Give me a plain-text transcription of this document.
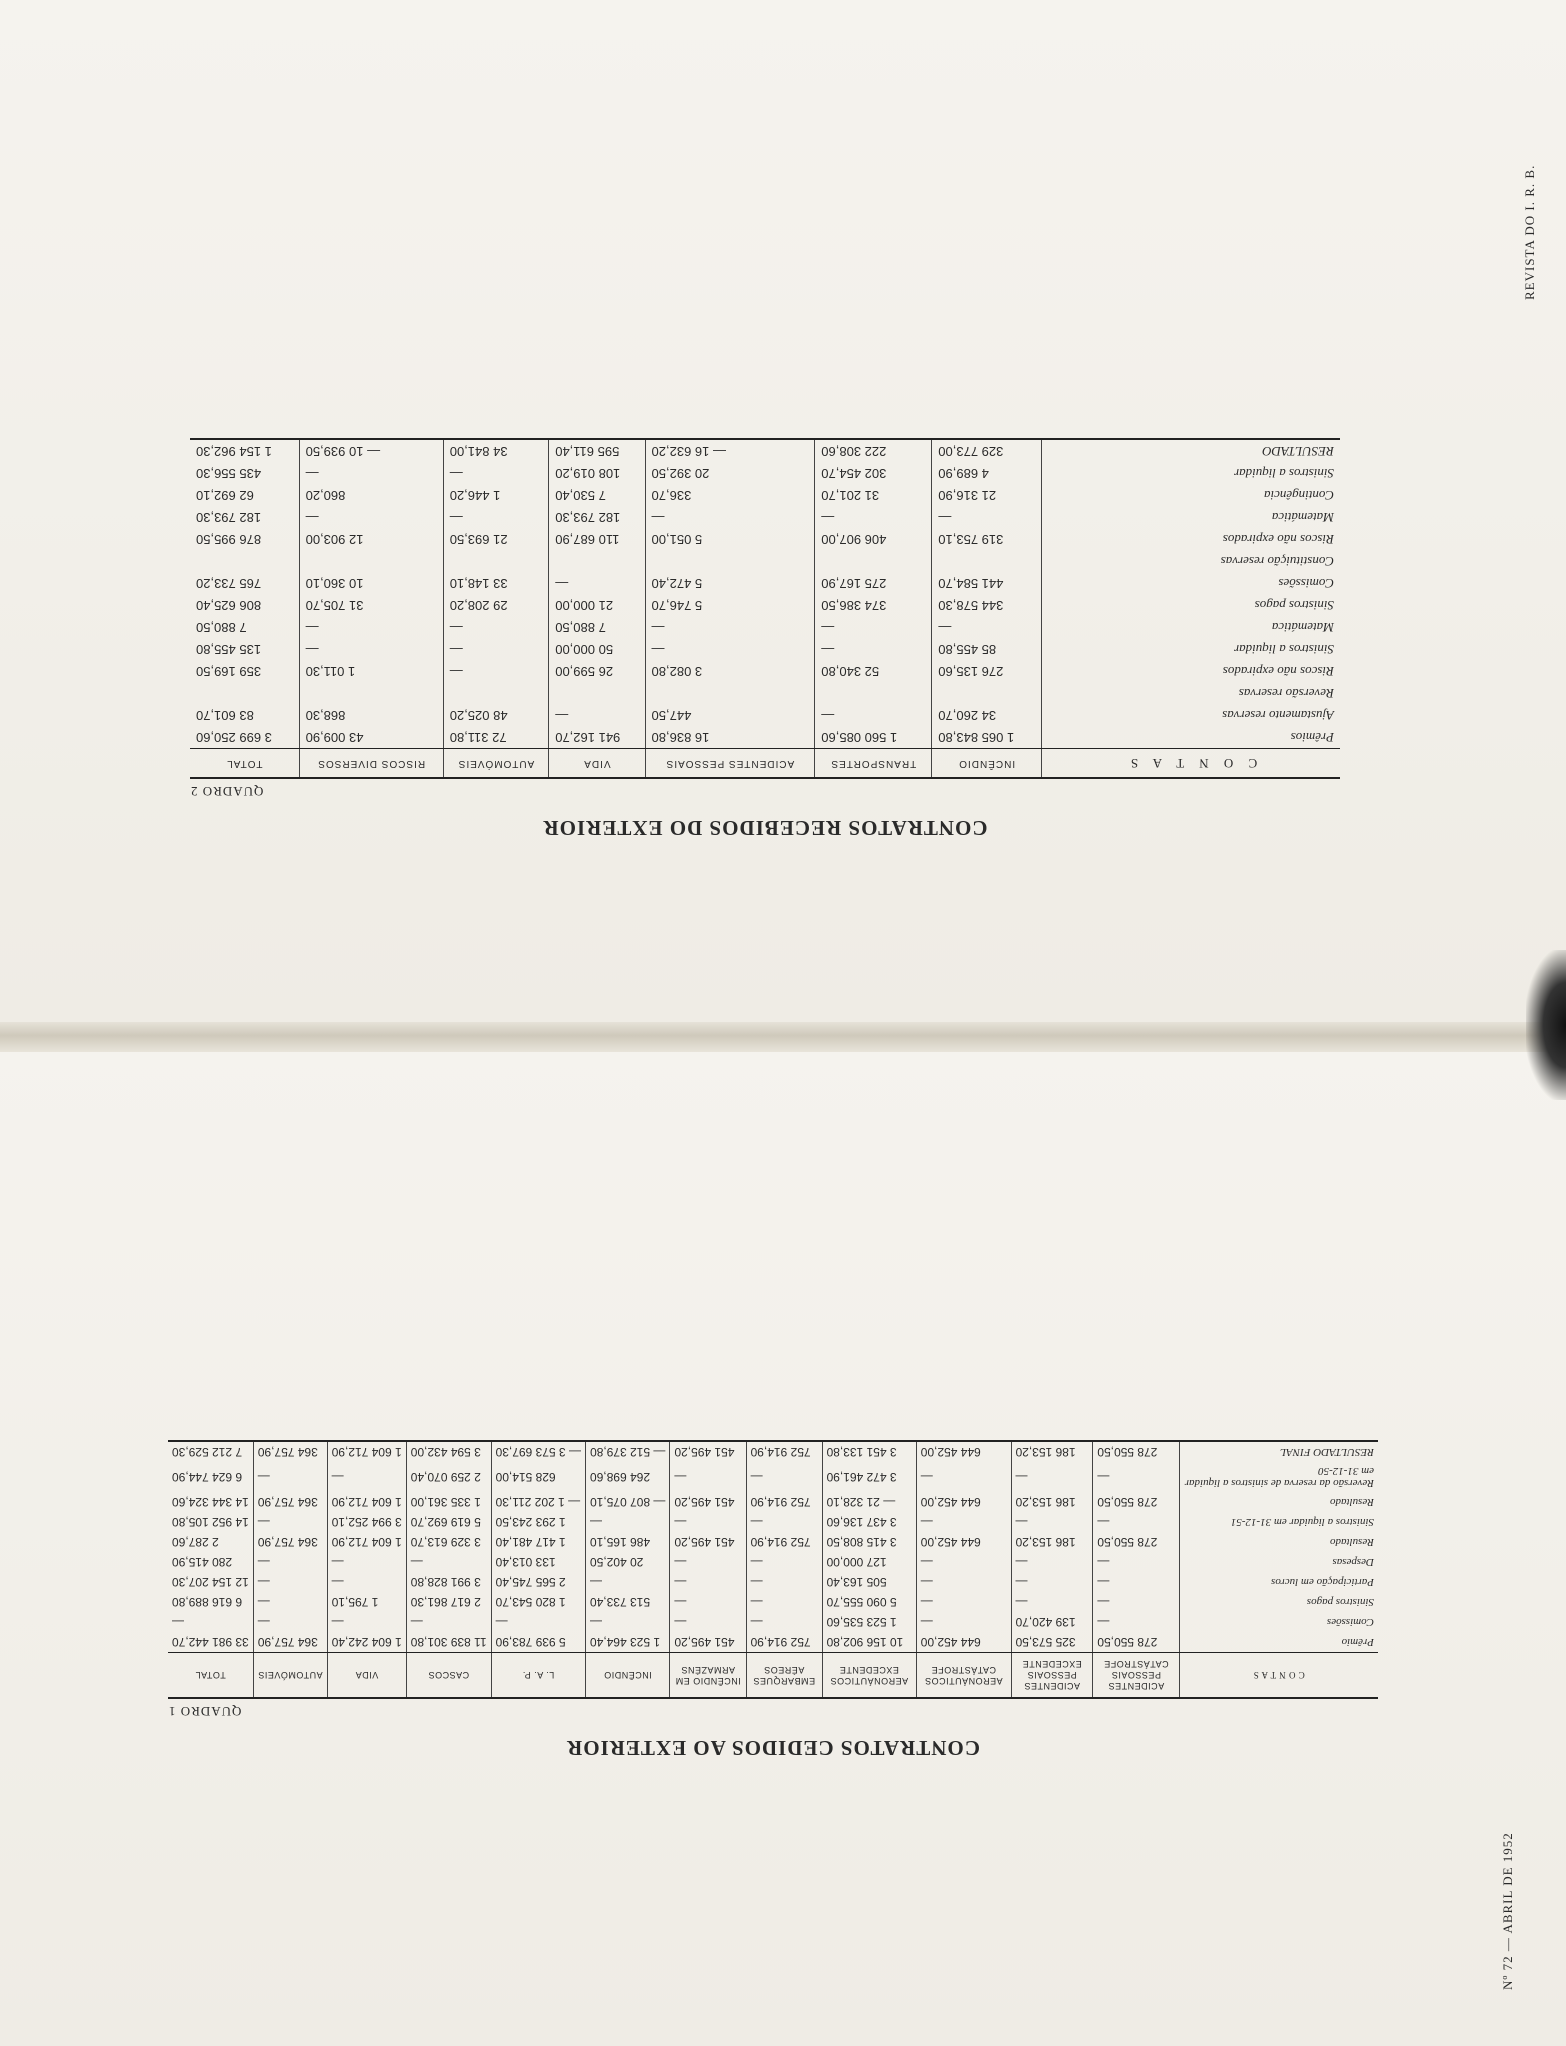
REVISTA DO I. R. B.
Nº 72 — ABRIL DE 1952
CONTRATOS RECEBIDOS DO EXTERIOR
QUADRO 2
C O N T A S	INCÊNDIO	TRANSPORTES	ACIDENTES PESSOAIS	VIDA	AUTOMÓVEIS	RISCOS DIVERSOS	TOTAL
Prêmios	1 065 843,80	1 560 085,60	16 836,80	941 162,70	72 311,80	43 009,90	3 699 250,60
Ajustamento reservas	34 260,70	—	447,50	—	48 025,20	868,30	83 601,70
Reversão reservas							
Riscos não expirados	276 135,60	52 340,80	3 082,80	26 599,00	—	1 011,30	359 169,50
Sinistros a liquidar	85 455,80	—	—	50 000,00	—	—	135 455,80
Matemática	—	—	—	7 880,50	—	—	7 880,50
Sinistros pagos	344 578,30	374 386,50	5 746,70	21 000,00	29 208,20	31 705,70	806 625,40
Comissões	441 584,70	275 167,90	5 472,40	—	33 148,10	10 360,10	765 733,20
Constituição reservas							
Riscos não expirados	319 753,10	406 907,00	5 051,00	110 687,90	21 693,50	12 903,00	876 995,50
Matemática	—	—	—	182 793,30	—	—	182 793,30
Contingência	21 316,90	31 201,70	336,70	7 530,40	1 446,20	860,20	62 692,10
Sinistros a liquidar	4 689,90	302 454,70	20 392,50	108 019,20	—	—	435 556,30
RESULTADO	329 773,00	222 308,60	— 16 632,20	595 611,40	34 841,00	— 10 939,50	1 154 962,30
CONTRATOS CEDIDOS AO EXTERIOR
QUADRO 1
C O N T A S	ACIDENTES PESSOAIS CATÁSTROFE	ACIDENTES PESSOAIS EXCEDENTE	AERONÁUTICOS CATÁSTROFE	AERONÁUTICOS EXCEDENTE	EMBARQUES AÉREOS	INCÊNDIO EM ARMAZÉNS	INCÊNDIO	L. A. P.	CASCOS	VIDA	AUTOMÓVEIS	TOTAL
Prêmio	278 550,50	325 573,50	644 452,00	10 156 902,80	752 914,90	451 495,20	1 523 464,40	5 939 783,90	11 839 301,80	1 604 242,40	364 757,90	33 981 442,70
Comissões	—	139 420,70	—	1 523 535,60	—	—	—	—	—	—	—	—
Sinistros pagos	—	—	—	5 090 555,70	—	—	513 733,40	1 820 543,70	2 617 861,30	1 795,10	—	6 616 889,80
Participação em lucros	—	—	—	505 163,40	—	—	—	2 565 745,40	3 991 828,80	—	—	12 154 207,30
Despesas	—	—	—	127 000,00	—	—	20 402,50	133 013,40	—	—	—	280 415,90
Resultado	278 550,50	186 153,20	644 452,00	3 415 808,50	752 914,90	451 495,20	486 165,10	1 417 481,40	3 329 613,70	1 604 712,90	364 757,90	2 287,60
Sinistros a liquidar em 31-12-51	—	—	—	3 437 136,60	—	—	—	1 293 243,50	5 619 692,70	3 994 252,10	—	14 952 105,80
Resultado	278 550,50	186 153,20	644 452,00	— 21 328,10	752 914,90	451 495,20	— 807 075,10	— 1 202 211,30	1 335 361,00	1 604 712,90	364 757,90	14 344 324,60
Reversão da reserva de sinistros a liquidar em 31-12-50	—	—	—	3 472 461,90	—	—	264 698,60	628 514,00	2 259 070,40	—	—	6 624 744,90
RESULTADO FINAL	278 550,50	186 153,20	644 452,00	3 451 133,80	752 914,90	451 495,20	— 512 379,80	— 3 573 697,30	3 594 432,00	1 604 712,90	364 757,90	7 212 529,30
